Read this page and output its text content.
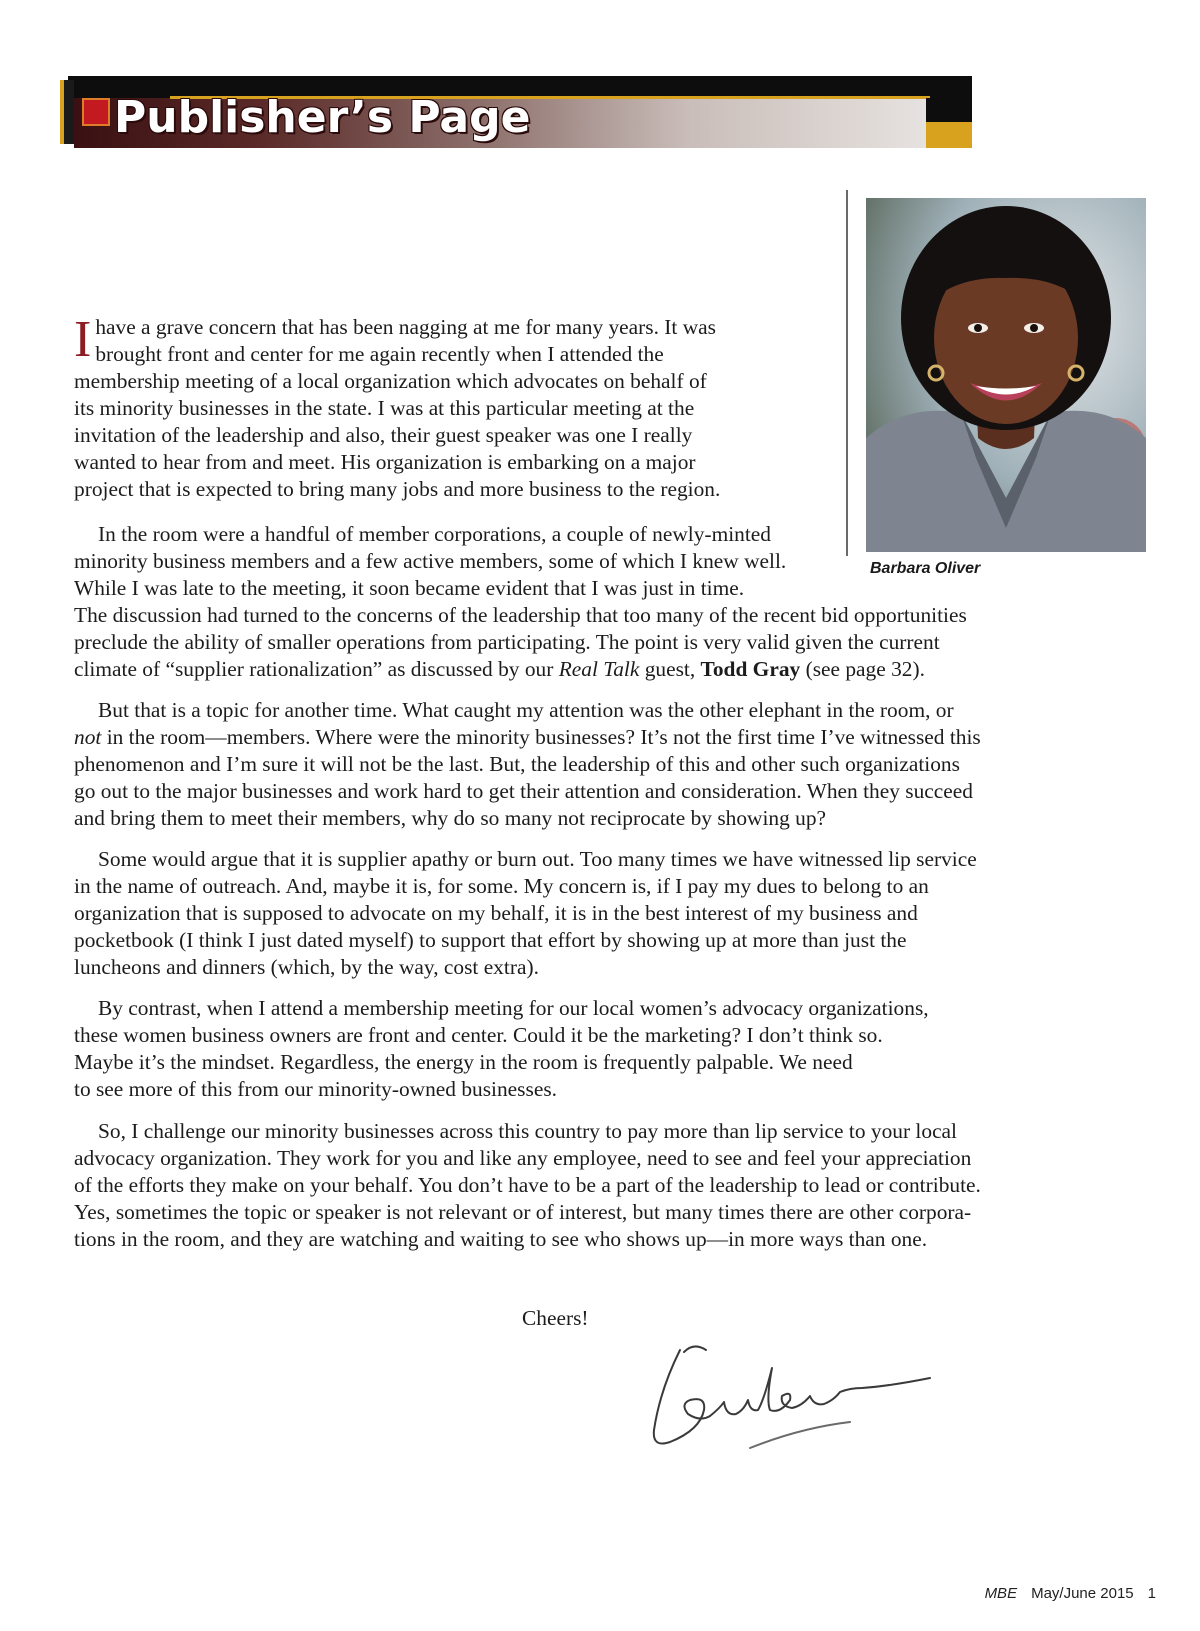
Publisher’s Page
Barbara Oliver
I have a grave concern that has been nagging at me for many years. It was
brought front and center for me again recently when I attended the
membership meeting of a local organization which advocates on behalf of
its minority businesses in the state. I was at this particular meeting at the
invitation of the leadership and also, their guest speaker was one I really
wanted to hear from and meet. His organization is embarking on a major
project that is expected to bring many jobs and more business to the region.
In the room were a handful of member corporations, a couple of newly-minted
minority business members and a few active members, some of which I knew well.
While I was late to the meeting, it soon became evident that I was just in time.
The discussion had turned to the concerns of the leadership that too many of the recent bid opportunities
preclude the ability of smaller operations from participating. The point is very valid given the current
climate of “supplier rationalization” as discussed by our Real Talk guest, Todd Gray (see page 32).
But that is a topic for another time. What caught my attention was the other elephant in the room, or
not in the room—members. Where were the minority businesses? It’s not the first time I’ve witnessed this
phenomenon and I’m sure it will not be the last. But, the leadership of this and other such organizations
go out to the major businesses and work hard to get their attention and consideration. When they succeed
and bring them to meet their members, why do so many not reciprocate by showing up?
Some would argue that it is supplier apathy or burn out. Too many times we have witnessed lip service
in the name of outreach. And, maybe it is, for some. My concern is, if I pay my dues to belong to an
organization that is supposed to advocate on my behalf, it is in the best interest of my business and
pocketbook (I think I just dated myself) to support that effort by showing up at more than just the
luncheons and dinners (which, by the way, cost extra).
By contrast, when I attend a membership meeting for our local women’s advocacy organizations,
these women business owners are front and center. Could it be the marketing? I don’t think so.
Maybe it’s the mindset. Regardless, the energy in the room is frequently palpable. We need
to see more of this from our minority-owned businesses.
So, I challenge our minority businesses across this country to pay more than lip service to your local
advocacy organization. They work for you and like any employee, need to see and feel your appreciation
of the efforts they make on your behalf. You don’t have to be a part of the leadership to lead or contribute.
Yes, sometimes the topic or speaker is not relevant or of interest, but many times there are other corpora-
tions in the room, and they are watching and waiting to see who shows up—in more ways than one.
Cheers!
MBE May/June 2015 1
